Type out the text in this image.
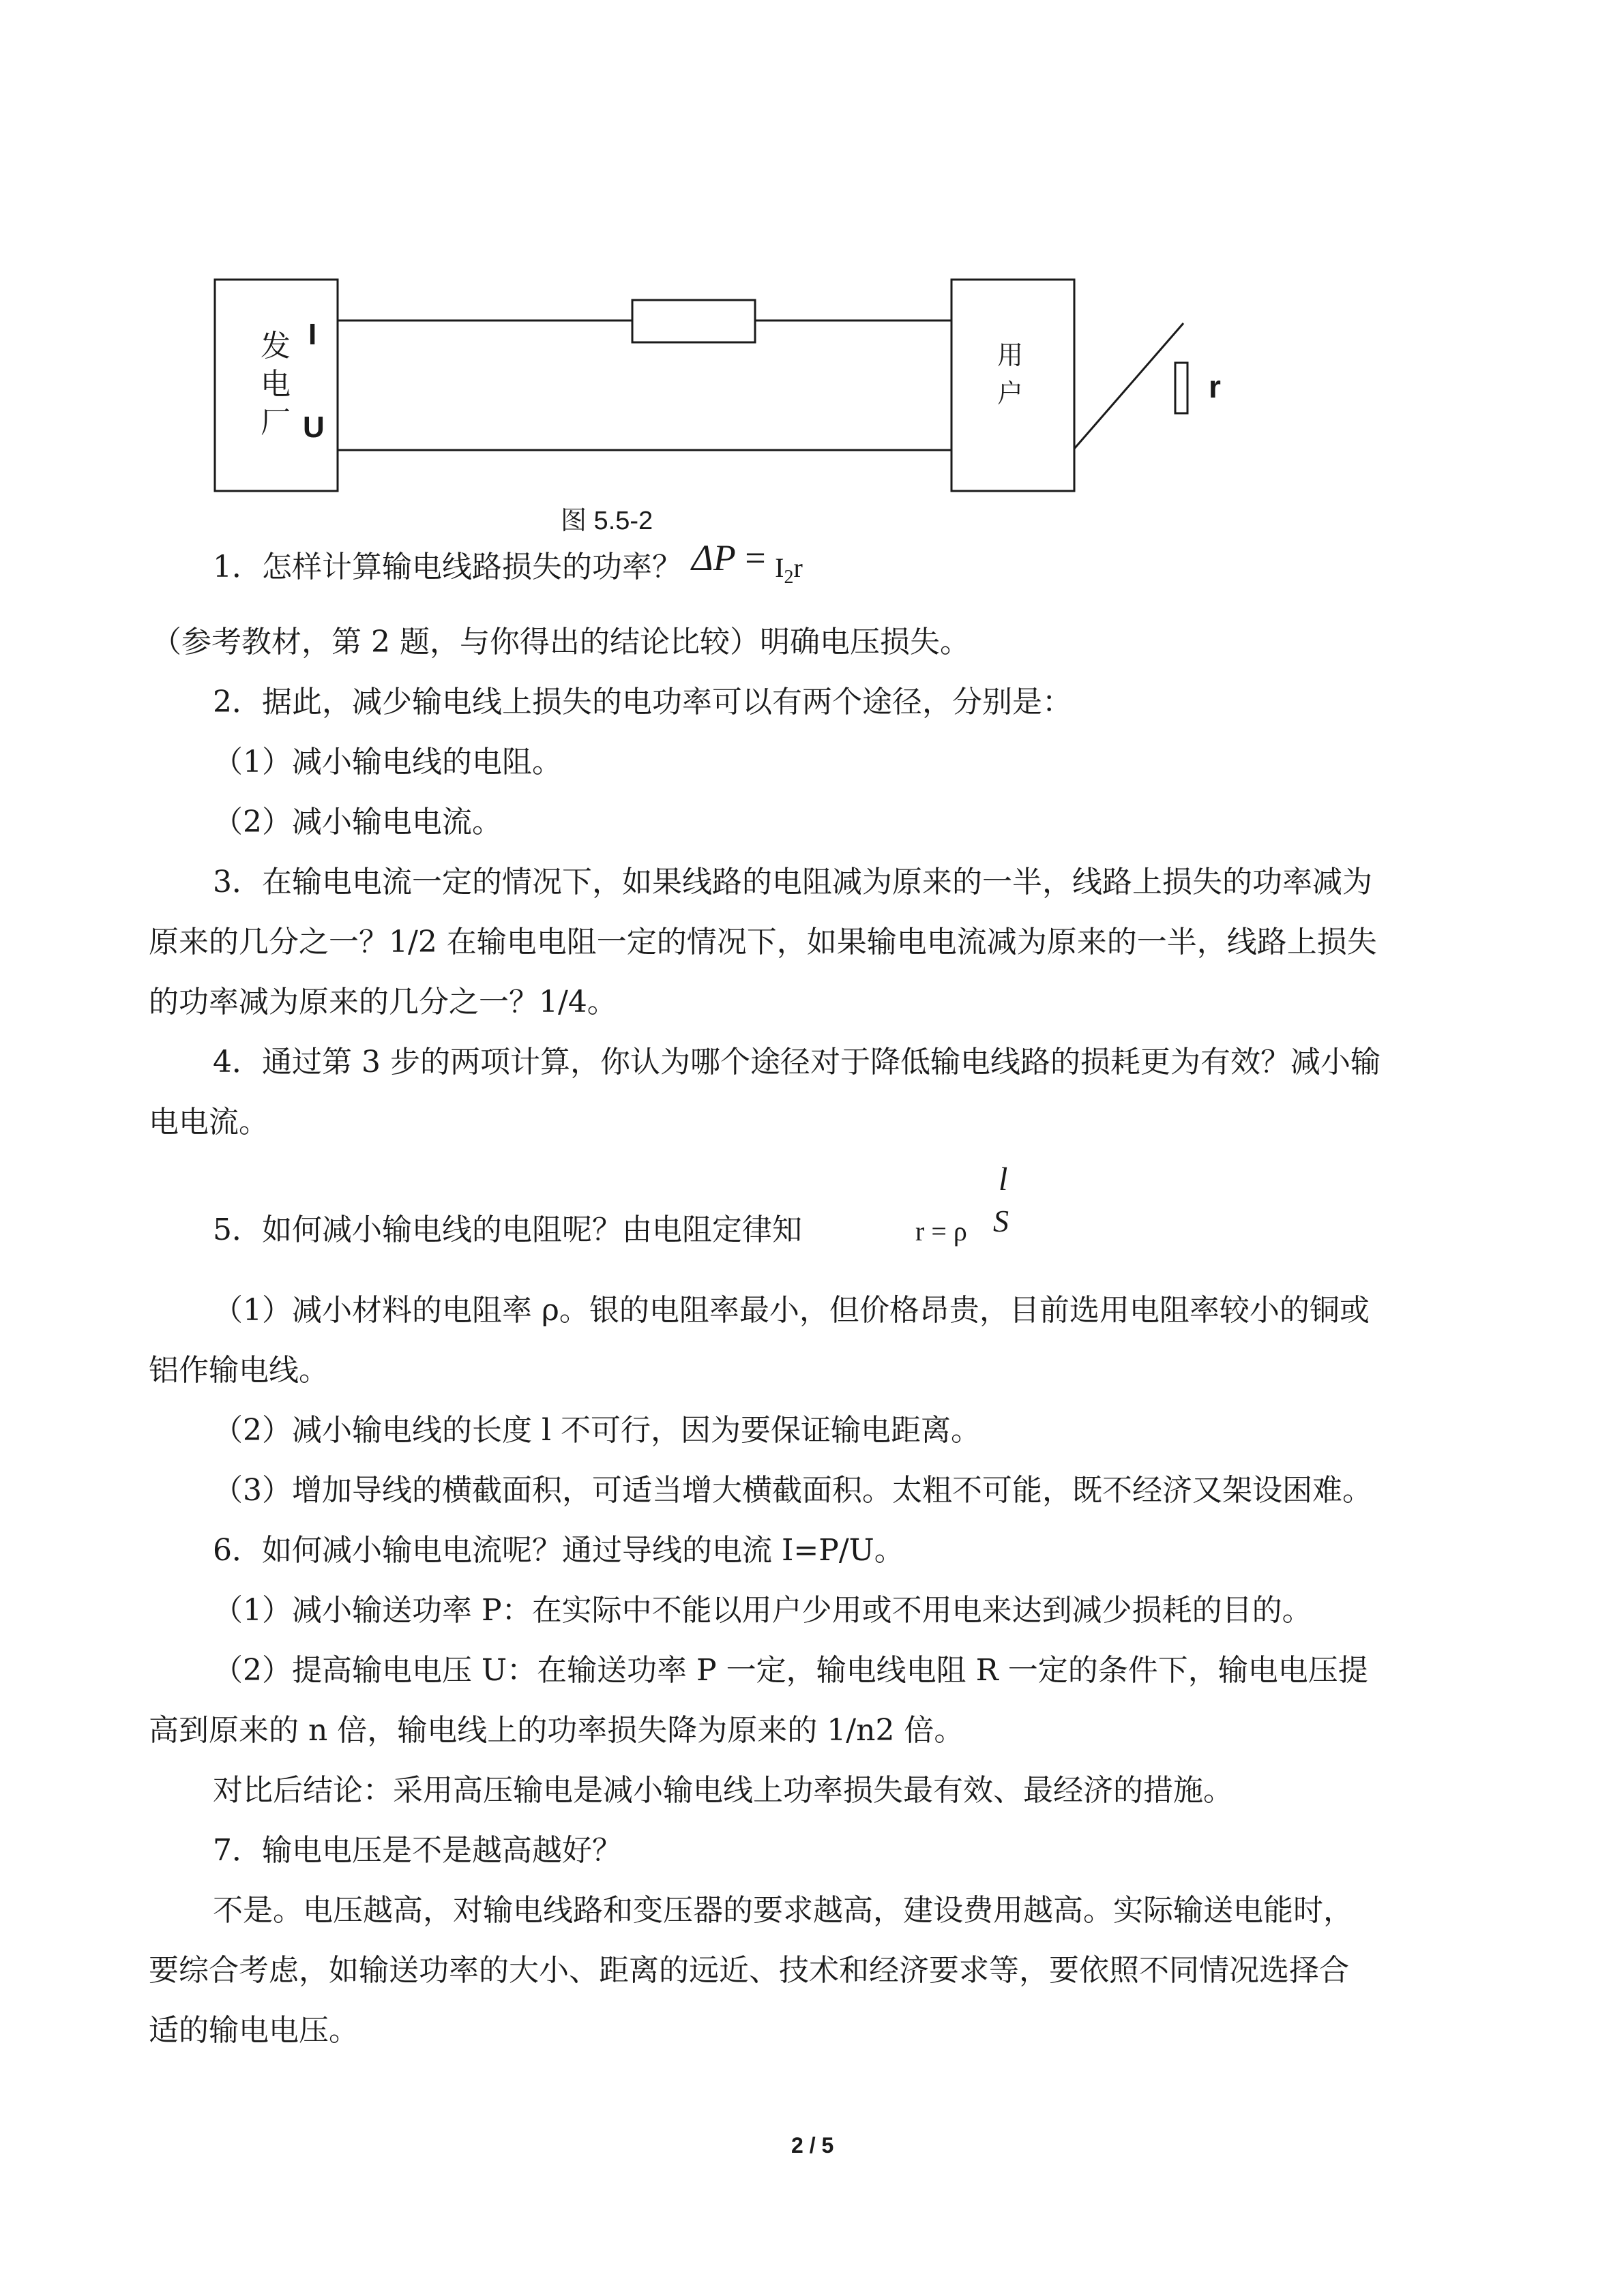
发
电
厂
I
U
用
户	r
图 5.5-2
1．怎样计算输电线路损失的功率？ $\Delta P = I_2r$
（参考教材，第 2 题，与你得出的结论比较）明确电压损失。
2．据此，减少输电线上损失的电功率可以有两个途径，分别是：
（1）减小输电线的电阻。
（2）减小输电电流。
3．在输电电流一定的情况下，如果线路的电阻减为原来的一半，线路上损失的功率减为
原来的几分之一？1/2 在输电电阻一定的情况下，如果输电电流减为原来的一半，线路上损失
的功率减为原来的几分之一？1/4。
4．通过第 3 步的两项计算，你认为哪个途径对于降低输电线路的损耗更为有效？减小输
电电流。
5．如何减小输电线的电阻呢？由电阻定律知	r = ρ
l
S
（1）减小材料的电阻率 ρ。银的电阻率最小，但价格昂贵，目前选用电阻率较小的铜或
铝作输电线。
（2）减小输电线的长度 l 不可行，因为要保证输电距离。
（3）增加导线的横截面积，可适当增大横截面积。太粗不可能，既不经济又架设困难。
6．如何减小输电电流呢？通过导线的电流 I=P/U。
（1）减小输送功率 P：在实际中不能以用户少用或不用电来达到减少损耗的目的。
（2）提高输电电压 U：在输送功率 P 一定，输电线电阻 R 一定的条件下，输电电压提
高到原来的 n 倍，输电线上的功率损失降为原来的 1/n2 倍。
对比后结论：采用高压输电是减小输电线上功率损失最有效、最经济的措施。
7．输电电压是不是越高越好？
不是。电压越高，对输电线路和变压器的要求越高，建设费用越高。实际输送电能时，
要综合考虑，如输送功率的大小、距离的远近、技术和经济要求等，要依照不同情况选择合
适的输电电压。
2 / 5
